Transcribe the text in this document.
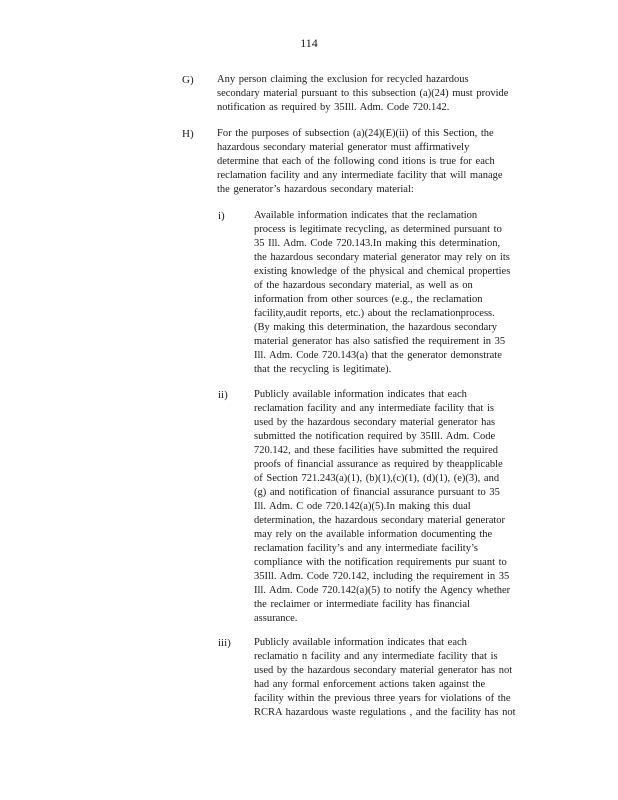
114
G) Any person claiming the exclusion for recycled hazardous
secondary material pursuant to this subsection (a)(24) must provide
notification as required by 35Ill. Adm. Code 720.142.
H) For the purposes of subsection (a)(24)(E)(ii) of this Section, the
hazardous secondary material generator must affirmatively
determine that each of the following cond itions is true for each
reclamation facility and any intermediate facility that will manage
the generator’s hazardous secondary material:
i)	Available information indicates that the reclamation
process is legitimate recycling, as determined pursuant to
35 Ill. Adm. Code 720.143.In making this determination,
the hazardous secondary material generator may rely on its
existing knowledge of the physical and chemical properties
of the hazardous secondary material, as well as on
information from other sources (e.g., the reclamation
facility,audit reports, etc.) about the reclamationprocess.
(By making this determination, the hazardous secondary
material generator has also satisfied the requirement in 35
Ill. Adm. Code 720.143(a) that the generator demonstrate
that the recycling is legitimate).
ii) Publicly available information indicates that each
reclamation facility and any intermediate facility that is
used by the hazardous secondary material generator has
submitted the notification required by 35Ill. Adm. Code
720.142, and these facilities have submitted the required
proofs of financial assurance as required by theapplicable
of Section 721.243(a)(1), (b)(1),(c)(1), (d)(1), (e)(3), and
(g) and notification of financial assurance pursuant to 35
Ill. Adm. C ode 720.142(a)(5).In making this dual
determination, the hazardous secondary material generator
may rely on the available information documenting the
reclamation facility’s and any intermediate facility’s
compliance with the notification requirements pur suant to
35Ill. Adm. Code 720.142, including the requirement in 35
Ill. Adm. Code 720.142(a)(5) to notify the Agency whether
the reclaimer or intermediate facility has financial
assurance.
iii) Publicly available information indicates that each
reclamatio n facility and any intermediate facility that is
used by the hazardous secondary material generator has not
had any formal enforcement actions taken against the
facility within the previous three years for violations of the
RCRA hazardous waste regulations , and the facility has not
